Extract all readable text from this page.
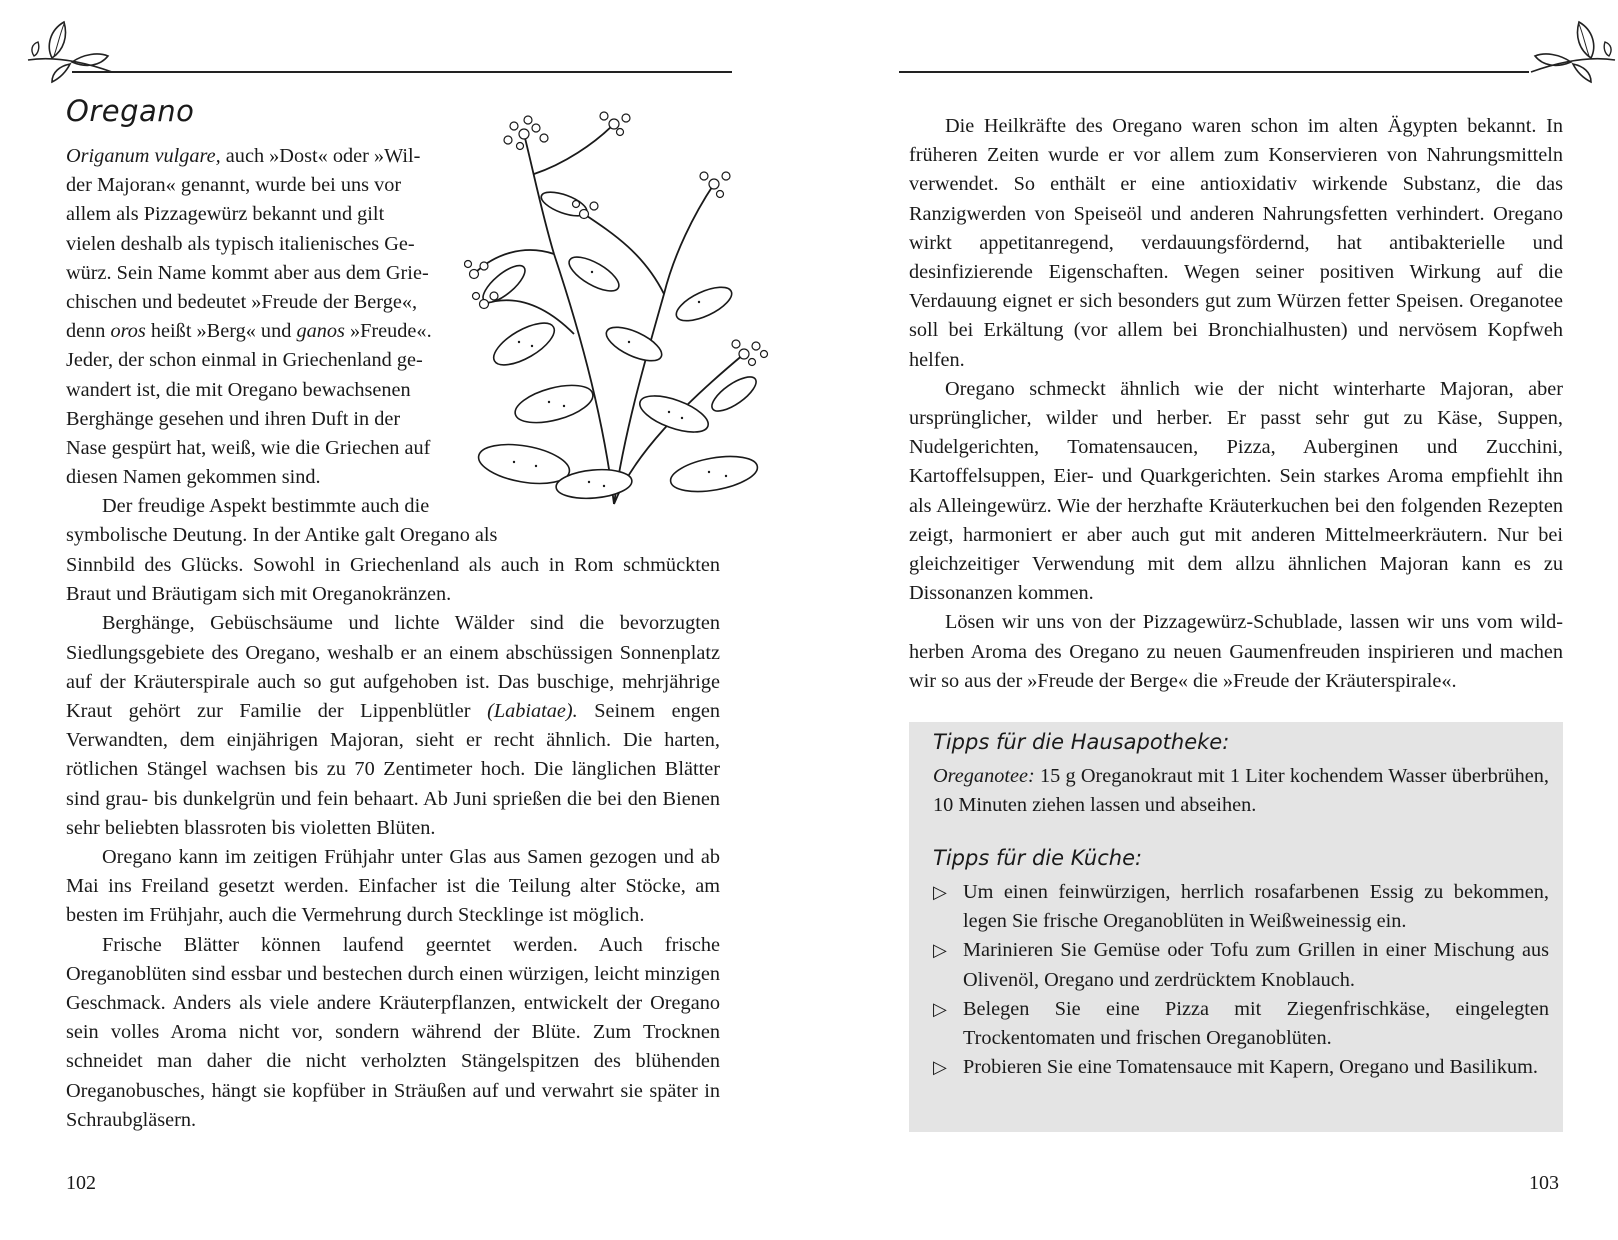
Oregano
Origanum vulgare, auch »Dost« oder »Wil-
der Majoran« genannt, wurde bei uns vor
allem als Pizzagewürz bekannt und gilt
vielen deshalb als typisch italienisches Ge-
würz. Sein Name kommt aber aus dem Grie-
chischen und bedeutet »Freude der Berge«,
denn oros heißt »Berg« und ganos »Freude«.
Jeder, der schon einmal in Griechenland ge-
wandert ist, die mit Oregano bewachsenen
Berghänge gesehen und ihren Duft in der
Nase gespürt hat, weiß, wie die Griechen auf
diesen Namen gekommen sind.
Der freudige Aspekt bestimmte auch die
symbolische Deutung. In der Antike galt Oregano als

Sinnbild des Glücks. Sowohl in Griechenland als auch in Rom schmückten Braut und Bräutigam sich mit Oreganokränzen.

Berghänge, Gebüschsäume und lichte Wälder sind die bevorzugten Siedlungsgebiete des Oregano, weshalb er an einem abschüssigen Sonnenplatz auf der Kräuterspirale auch so gut aufgehoben ist. Das buschige, mehrjährige Kraut gehört zur Familie der Lippenblütler (Labiatae). Seinem engen Verwandten, dem einjährigen Majoran, sieht er recht ähnlich. Die harten, rötlichen Stängel wachsen bis zu 70 Zentimeter hoch. Die länglichen Blätter sind grau- bis dunkelgrün und fein behaart. Ab Juni sprießen die bei den Bienen sehr beliebten blassroten bis violetten Blüten.

Oregano kann im zeitigen Frühjahr unter Glas aus Samen gezogen und ab Mai ins Freiland gesetzt werden. Einfacher ist die Teilung alter Stöcke, am besten im Frühjahr, auch die Vermehrung durch Stecklinge ist möglich.

Frische Blätter können laufend geerntet werden. Auch frische Oreganoblüten sind essbar und bestechen durch einen würzigen, leicht minzigen Geschmack. Anders als viele andere Kräuterpflanzen, entwickelt der Oregano sein volles Aroma nicht vor, sondern während der Blüte. Zum Trocknen schneidet man daher die nicht verholzten Stängelspitzen des blühenden Oreganobusches, hängt sie kopfüber in Sträußen auf und verwahrt sie später in Schraubgläsern.

102

Die Heilkräfte des Oregano waren schon im alten Ägypten bekannt. In früheren Zeiten wurde er vor allem zum Konservieren von Nahrungsmitteln verwendet. So enthält er eine antioxidativ wirkende Substanz, die das Ranzigwerden von Speiseöl und anderen Nahrungsfetten verhindert. Oregano wirkt appetitanregend, verdauungsfördernd, hat antibakterielle und desinfizierende Eigenschaften. Wegen seiner positiven Wirkung auf die Verdauung eignet er sich besonders gut zum Würzen fetter Speisen. Oreganotee soll bei Erkältung (vor allem bei Bronchialhusten) und nervösem Kopfweh helfen.

Oregano schmeckt ähnlich wie der nicht winterharte Majoran, aber ursprünglicher, wilder und herber. Er passt sehr gut zu Käse, Suppen, Nudelgerichten, Tomatensaucen, Pizza, Auberginen und Zucchini, Kartoffelsuppen, Eier- und Quarkgerichten. Sein starkes Aroma empfiehlt ihn als Alleingewürz. Wie der herzhafte Kräuterkuchen bei den folgenden Rezepten zeigt, harmoniert er aber auch gut mit anderen Mittelmeerkräutern. Nur bei gleichzeitiger Verwendung mit dem allzu ähnlichen Majoran kann es zu Dissonanzen kommen.

Lösen wir uns von der Pizzagewürz-Schublade, lassen wir uns vom wild-herben Aroma des Oregano zu neuen Gaumenfreuden inspirieren und machen wir so aus der »Freude der Berge« die »Freude der Kräuterspirale«.

Tipps für die Hausapotheke:
Oreganotee: 15 g Oreganokraut mit 1 Liter kochendem Wasser überbrühen, 10 Minuten ziehen lassen und abseihen.
Tipps für die Küche:
▷ Um einen feinwürzigen, herrlich rosafarbenen Essig zu bekommen, legen Sie frische Oreganoblüten in Weißweinessig ein.
▷ Marinieren Sie Gemüse oder Tofu zum Grillen in einer Mischung aus Olivenöl, Oregano und zerdrücktem Knoblauch.
▷ Belegen Sie eine Pizza mit Ziegenfrischkäse, eingelegten Trockentomaten und frischen Oreganoblüten.
▷ Probieren Sie eine Tomatensauce mit Kapern, Oregano und Basilikum.
103
